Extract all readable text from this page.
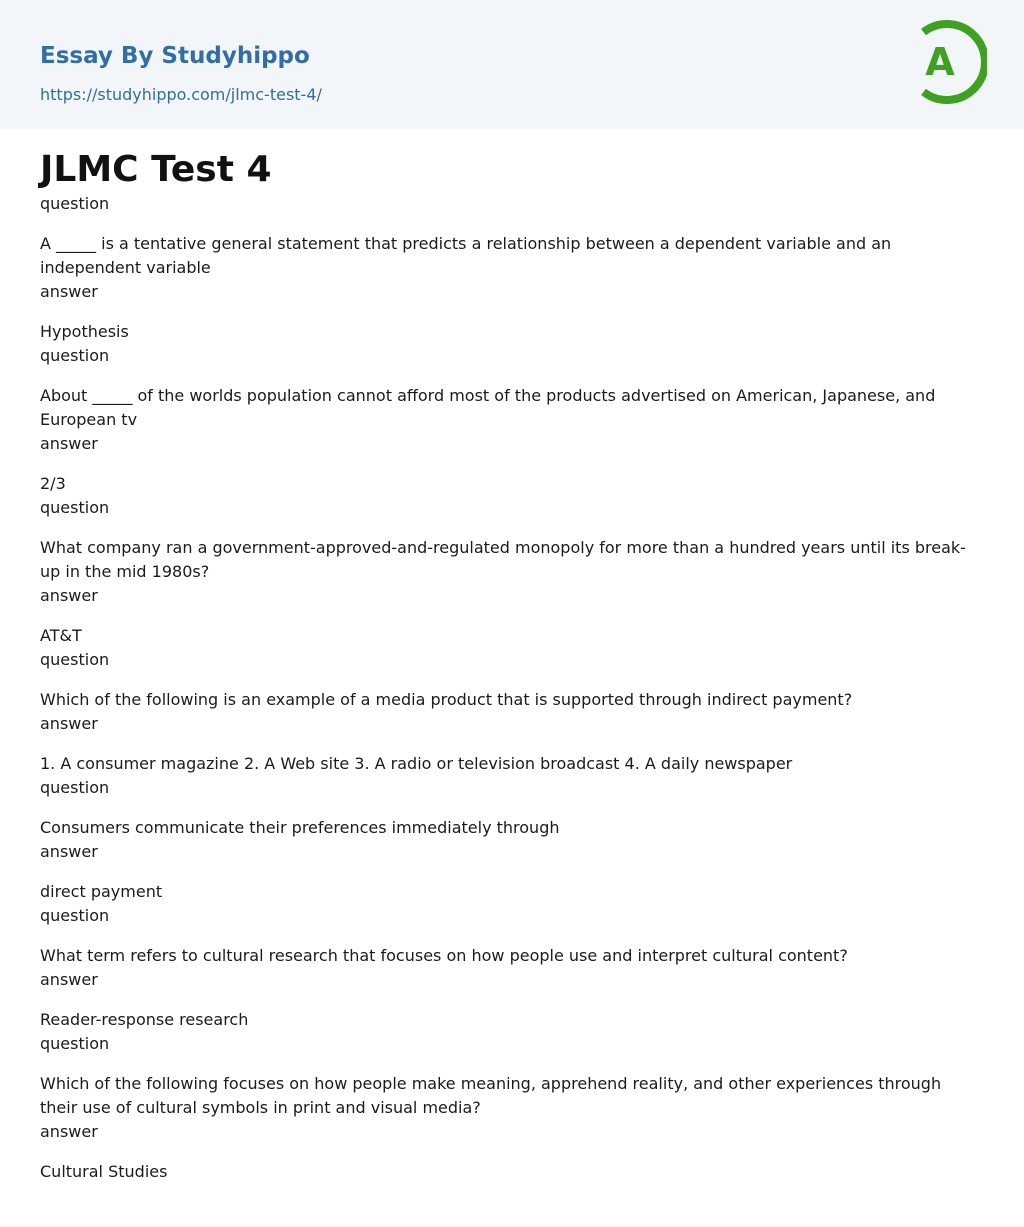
Essay By Studyhippo
https://studyhippo.com/jlmc-test-4/
A
JLMC Test 4
question
A _____ is a tentative general statement that predicts a relationship between a dependent variable and an independent variable
answer
Hypothesis
question
About _____ of the worlds population cannot afford most of the products advertised on American, Japanese, and European tv
answer
2/3
question
What company ran a government-approved-and-regulated monopoly for more than a hundred years until its break-up in the mid 1980s?
answer
AT&T
question
Which of the following is an example of a media product that is supported through indirect payment?
answer
1. A consumer magazine 2. A Web site 3. A radio or television broadcast 4. A daily newspaper
question
Consumers communicate their preferences immediately through
answer
direct payment
question
What term refers to cultural research that focuses on how people use and interpret cultural content?
answer
Reader-response research
question
Which of the following focuses on how people make meaning, apprehend reality, and other experiences through their use of cultural symbols in print and visual media?
answer
Cultural Studies
